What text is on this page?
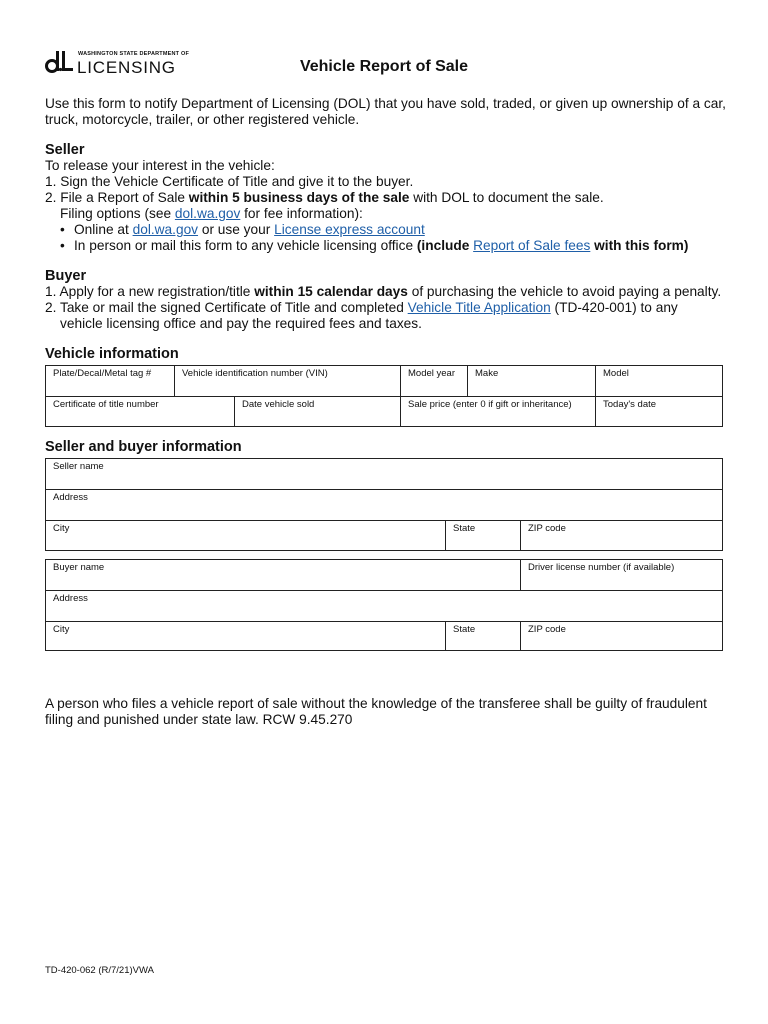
WASHINGTON STATE DEPARTMENT OF
LICENSING	Vehicle Report of Sale
Use this form to notify Department of Licensing (DOL) that you have sold, traded, or given up ownership of a car, truck, motorcycle, trailer, or other registered vehicle.
Seller
To release your interest in the vehicle:
1. Sign the Vehicle Certificate of Title and give it to the buyer.
2. File a Report of Sale within 5 business days of the sale with DOL to document the sale.
Filing options (see dol.wa.gov for fee information):
• Online at dol.wa.gov or use your License express account
• In person or mail this form to any vehicle licensing office (include Report of Sale fees with this form)
Buyer
1. Apply for a new registration/title within 15 calendar days of purchasing the vehicle to avoid paying a penalty.
2. Take or mail the signed Certificate of Title and completed Vehicle Title Application (TD-420-001) to any
vehicle licensing office and pay the required fees and taxes.
Vehicle information
Plate/Decal/Metal tag #	Vehicle identification number (VIN)	Model year	Make	Model
Certificate of title number	Date vehicle sold	Sale price (enter 0 if gift or inheritance)	Today's date
Seller and buyer information
Seller name
Address
City	State	ZIP code
Buyer name	Driver license number (if available)
Address
City	State	ZIP code
A person who files a vehicle report of sale without the knowledge of the transferee shall be guilty of fraudulent filing and punished under state law. RCW 9.45.270
TD-420-062 (R/7/21)VWA
